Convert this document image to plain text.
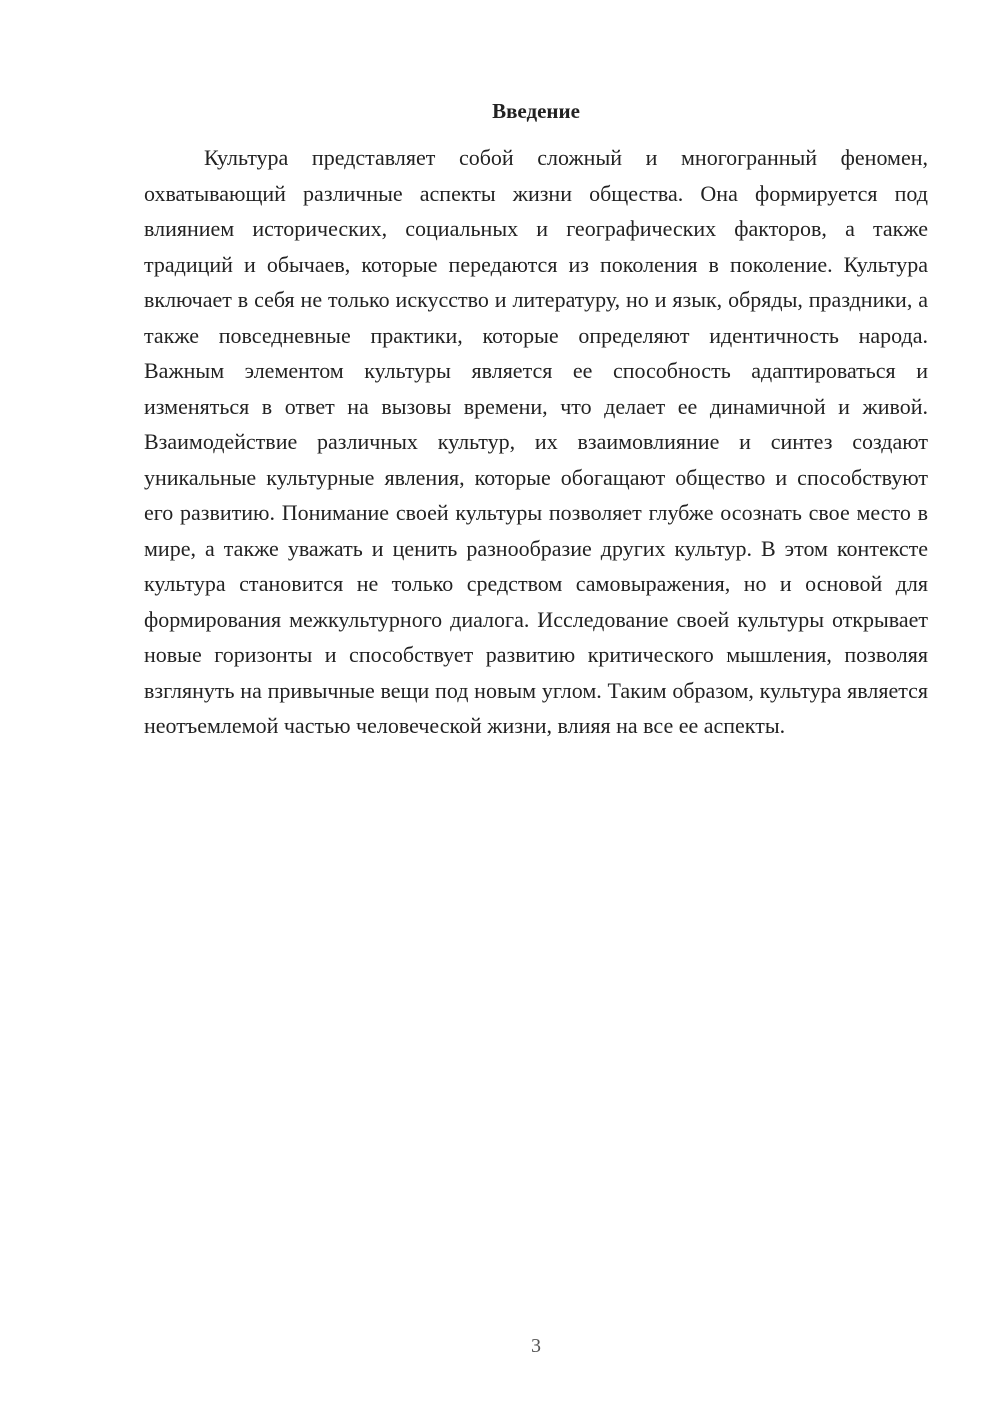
Введение

Культура представляет собой сложный и многогранный феномен, охватывающий различные аспекты жизни общества. Она формируется под влиянием исторических, социальных и географических факторов, а также традиций и обычаев, которые передаются из поколения в поколение. Культура включает в себя не только искусство и литературу, но и язык, обряды, праздники, а также повседневные практики, которые определяют идентичность народа. Важным элементом культуры является ее способность адаптироваться и изменяться в ответ на вызовы времени, что делает ее динамичной и живой. Взаимодействие различных культур, их взаимовлияние и синтез создают уникальные культурные явления, которые обогащают общество и способствуют его развитию. Понимание своей культуры позволяет глубже осознать свое место в мире, а также уважать и ценить разнообразие других культур. В этом контексте культура становится не только средством самовыражения, но и основой для формирования межкультурного диалога. Исследование своей культуры открывает новые горизонты и способствует развитию критического мышления, позволяя взглянуть на привычные вещи под новым углом. Таким образом, культура является неотъемлемой частью человеческой жизни, влияя на все ее аспекты.

3
